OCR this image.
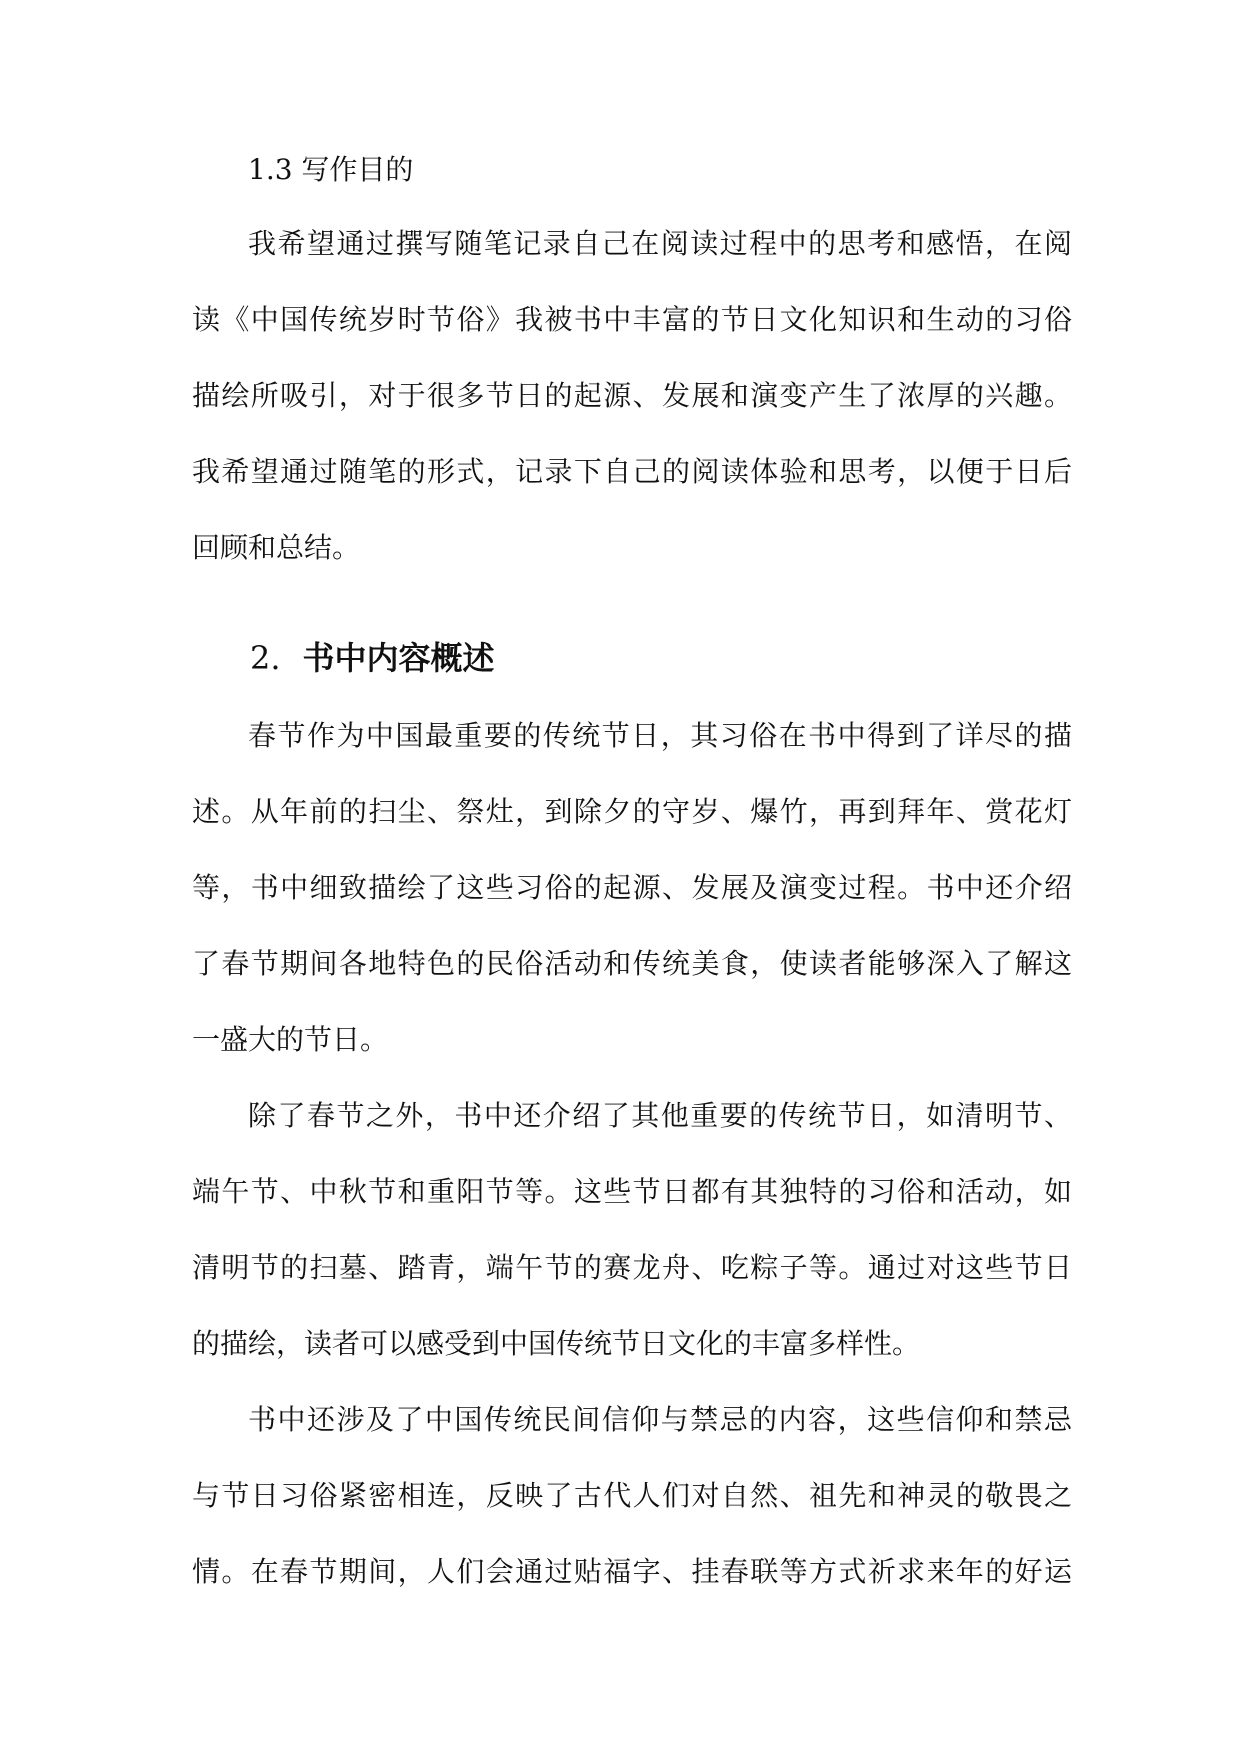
1.3 写作目的
我希望通过撰写随笔记录自己在阅读过程中的思考和感悟，在阅
读《中国传统岁时节俗》我被书中丰富的节日文化知识和生动的习俗
描绘所吸引，对于很多节日的起源、发展和演变产生了浓厚的兴趣。
我希望通过随笔的形式，记录下自己的阅读体验和思考，以便于日后
回顾和总结。
2. 书中内容概述
春节作为中国最重要的传统节日，其习俗在书中得到了详尽的描
述。从年前的扫尘、祭灶，到除夕的守岁、爆竹，再到拜年、赏花灯
等，书中细致描绘了这些习俗的起源、发展及演变过程。书中还介绍
了春节期间各地特色的民俗活动和传统美食，使读者能够深入了解这
一盛大的节日。
除了春节之外，书中还介绍了其他重要的传统节日，如清明节、
端午节、中秋节和重阳节等。这些节日都有其独特的习俗和活动，如
清明节的扫墓、踏青，端午节的赛龙舟、吃粽子等。通过对这些节日
的描绘，读者可以感受到中国传统节日文化的丰富多样性。
书中还涉及了中国传统民间信仰与禁忌的内容，这些信仰和禁忌
与节日习俗紧密相连，反映了古代人们对自然、祖先和神灵的敬畏之
情。在春节期间，人们会通过贴福字、挂春联等方式祈求来年的好运
